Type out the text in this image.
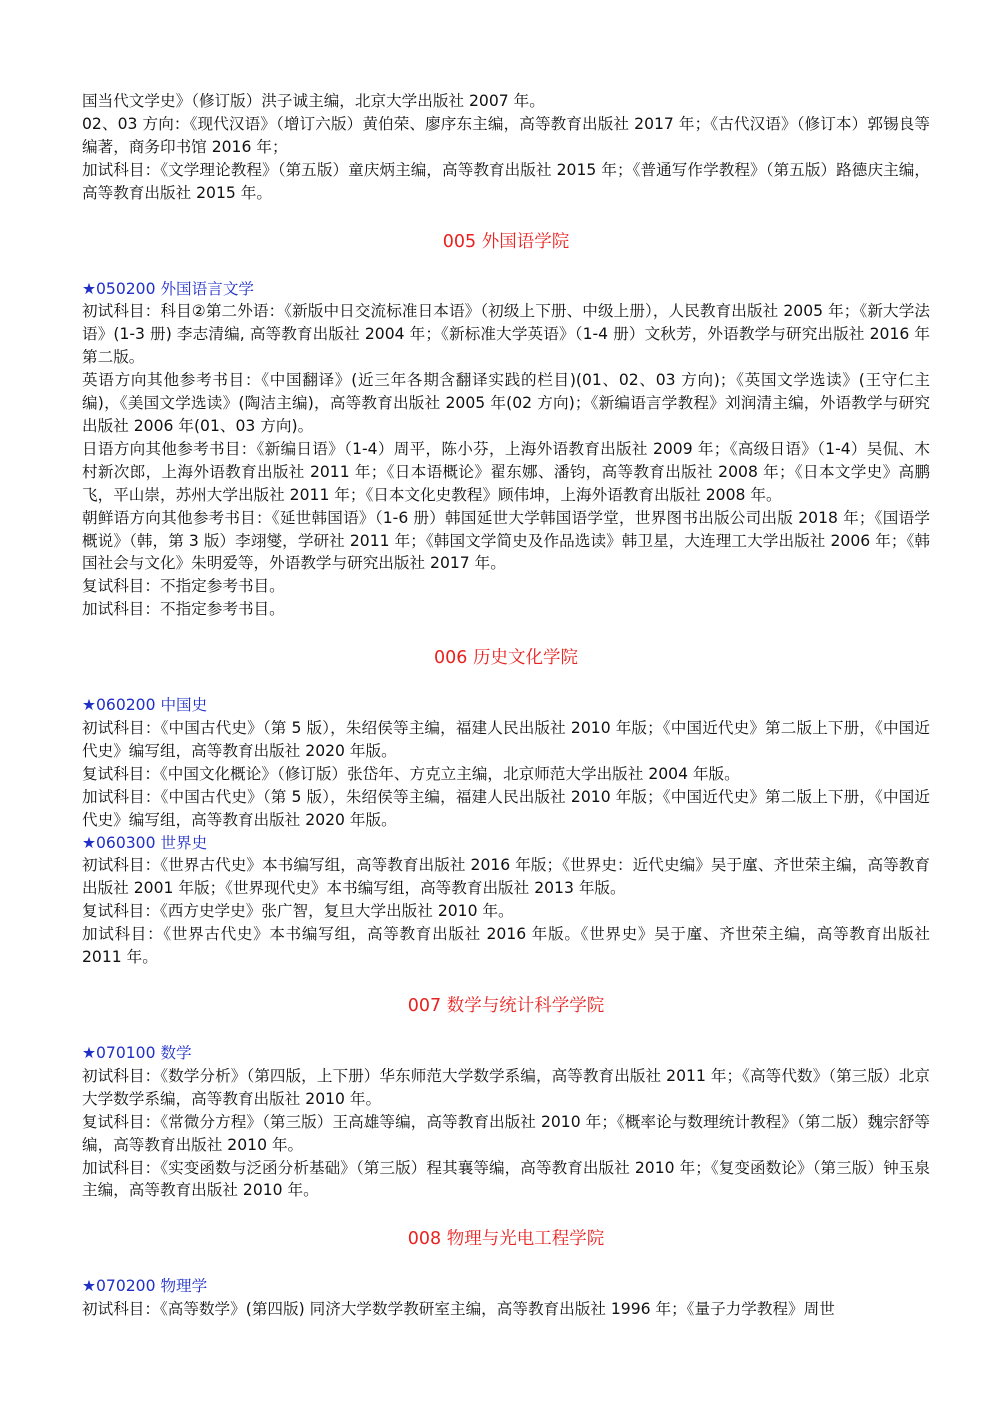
国当代文学史》（修订版）洪子诚主编，北京大学出版社 2007 年。

02、03 方向：《现代汉语》（增订六版）黄伯荣、廖序东主编，高等教育出版社 2017 年；《古代汉语》（修订本）郭锡良等编著，商务印书馆 2016 年；

加试科目：《文学理论教程》（第五版）童庆炳主编，高等教育出版社 2015 年；《普通写作学教程》（第五版）路德庆主编，高等教育出版社 2015 年。

005 外国语学院

★050200 外国语言文学

初试科目：科目②第二外语：《新版中日交流标准日本语》（初级上下册、中级上册），人民教育出版社 2005 年；《新大学法语》(1-3 册) 李志清编, 高等教育出版社 2004 年；《新标准大学英语》（1-4 册）文秋芳，外语教学与研究出版社 2016 年第二版。

英语方向其他参考书目：《中国翻译》(近三年各期含翻译实践的栏目)(01、02、03 方向)；《英国文学选读》(王守仁主编)，《美国文学选读》(陶洁主编)，高等教育出版社 2005 年(02 方向)；《新编语言学教程》刘润清主编，外语教学与研究出版社 2006 年(01、03 方向)。

日语方向其他参考书目：《新编日语》（1-4）周平，陈小芬，上海外语教育出版社 2009 年；《高级日语》（1-4）吴侃、木村新次郎，上海外语教育出版社 2011 年；《日本语概论》翟东娜、潘钧，高等教育出版社 2008 年；《日本文学史》高鹏飞，平山崇，苏州大学出版社 2011 年；《日本文化史教程》顾伟坤，上海外语教育出版社 2008 年。

朝鲜语方向其他参考书目：《延世韩国语》（1-6 册）韩国延世大学韩国语学堂，世界图书出版公司出版 2018 年；《国语学概说》（韩，第 3 版）李翊燮，学研社 2011 年；《韩国文学简史及作品选读》韩卫星，大连理工大学出版社 2006 年；《韩国社会与文化》朱明爱等，外语教学与研究出版社 2017 年。

复试科目：不指定参考书目。

加试科目：不指定参考书目。

006 历史文化学院

★060200 中国史

初试科目：《中国古代史》（第 5 版），朱绍侯等主编，福建人民出版社 2010 年版；《中国近代史》第二版上下册，《中国近代史》编写组，高等教育出版社 2020 年版。

复试科目：《中国文化概论》（修订版）张岱年、方克立主编，北京师范大学出版社 2004 年版。

加试科目：《中国古代史》（第 5 版），朱绍侯等主编，福建人民出版社 2010 年版；《中国近代史》第二版上下册，《中国近代史》编写组，高等教育出版社 2020 年版。

★060300 世界史

初试科目：《世界古代史》本书编写组，高等教育出版社 2016 年版；《世界史：近代史编》吴于廑、齐世荣主编，高等教育出版社 2001 年版；《世界现代史》本书编写组，高等教育出版社 2013 年版。

复试科目：《西方史学史》张广智，复旦大学出版社 2010 年。

加试科目：《世界古代史》本书编写组，高等教育出版社 2016 年版。《世界史》吴于廑、齐世荣主编，高等教育出版社 2011 年。

007 数学与统计科学学院

★070100 数学

初试科目：《数学分析》（第四版，上下册）华东师范大学数学系编，高等教育出版社 2011 年；《高等代数》（第三版）北京大学数学系编，高等教育出版社 2010 年。

复试科目：《常微分方程》（第三版）王高雄等编，高等教育出版社 2010 年；《概率论与数理统计教程》（第二版）魏宗舒等编，高等教育出版社 2010 年。

加试科目：《实变函数与泛函分析基础》（第三版）程其襄等编，高等教育出版社 2010 年；《复变函数论》（第三版）钟玉泉主编，高等教育出版社 2010 年。

008 物理与光电工程学院

★070200 物理学

初试科目：《高等数学》(第四版) 同济大学数学教研室主编，高等教育出版社 1996 年；《量子力学教程》周世
